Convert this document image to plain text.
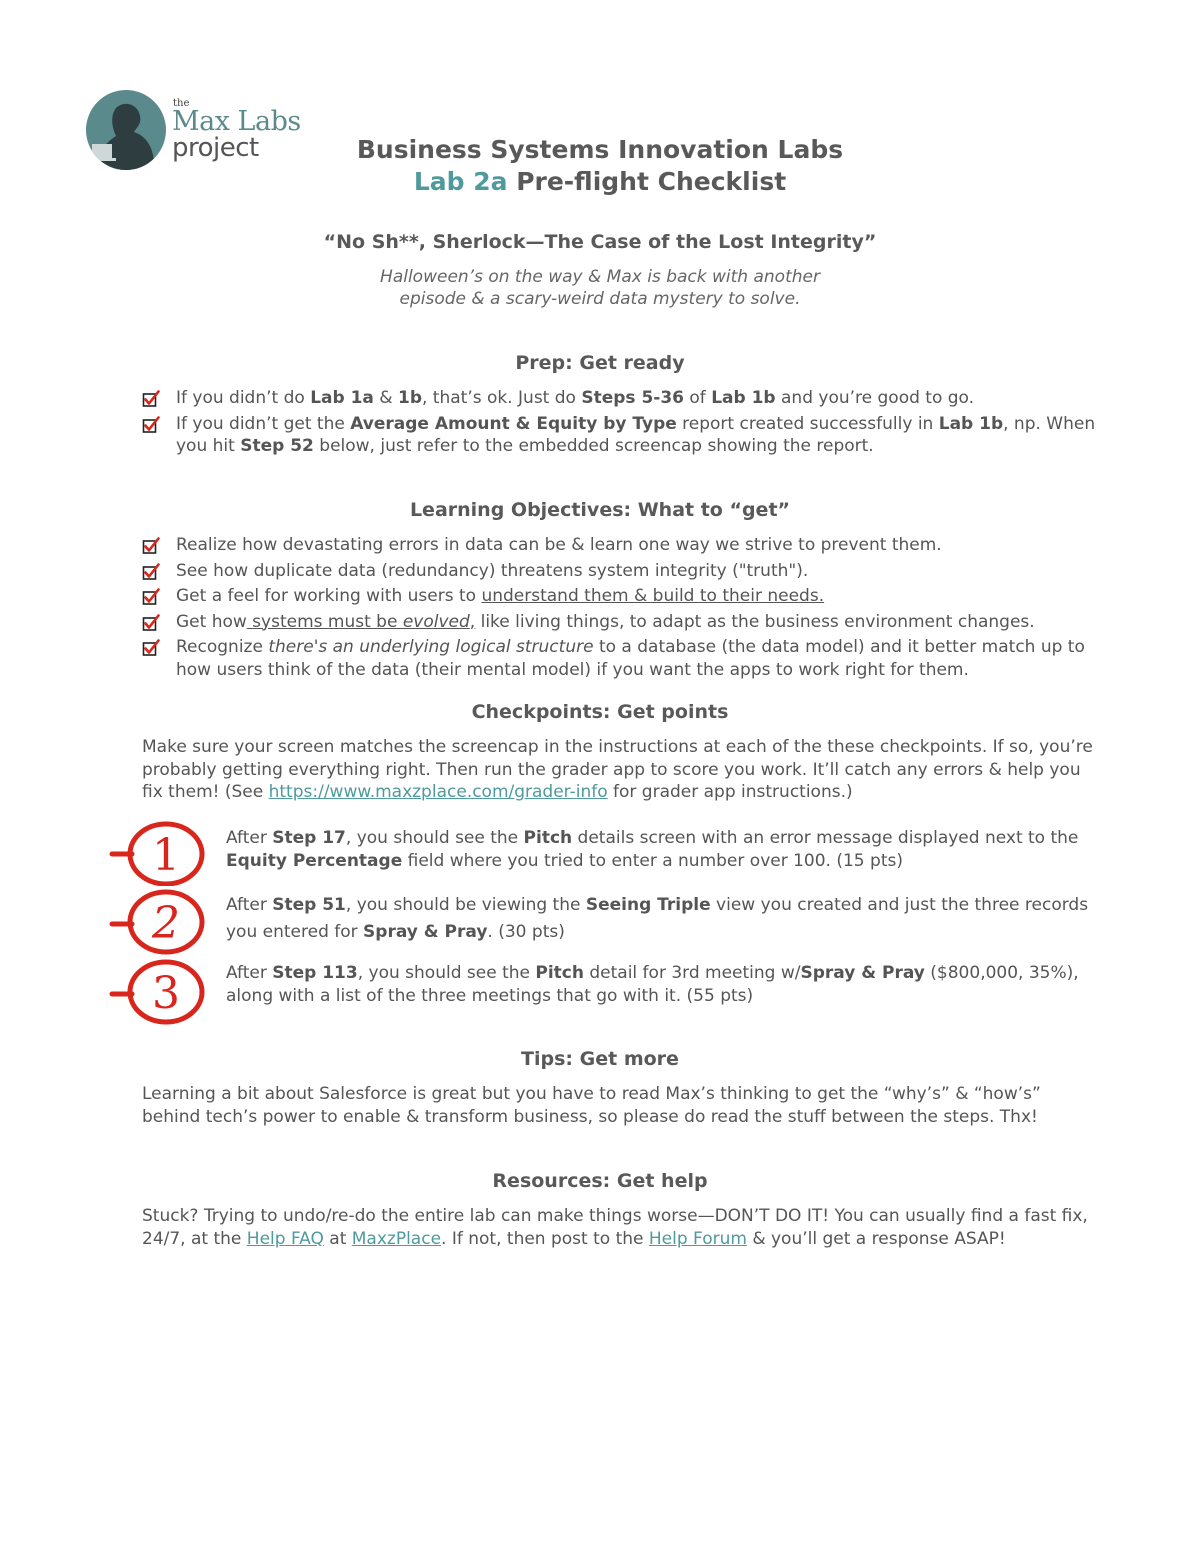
the
Max Labs
project	Business Systems Innovation Labs
Lab 2a Pre-flight Checklist
“No Sh**, Sherlock—The Case of the Lost Integrity”
Halloween’s on the way & Max is back with another
episode & a scary-weird data mystery to solve.
Prep: Get ready
If you didn’t do Lab 1a & 1b, that’s ok. Just do Steps 5-36 of Lab 1b and you’re good to go.
If you didn’t get the Average Amount & Equity by Type report created successfully in Lab 1b, np. When you hit Step 52 below, just refer to the embedded screencap showing the report.
Learning Objectives: What to “get”
Realize how devastating errors in data can be & learn one way we strive to prevent them.
See how duplicate data (redundancy) threatens system integrity ("truth").
Get a feel for working with users to understand them & build to their needs.
Get how systems must be evolved, like living things, to adapt as the business environment changes.
Recognize there's an underlying logical structure to a database (the data model) and it better match up to how users think of the data (their mental model) if you want the apps to work right for them.
Checkpoints: Get points
Make sure your screen matches the screencap in the instructions at each of the these checkpoints. If so, you’re probably getting everything right. Then run the grader app to score you work. It’ll catch any errors & help you fix them! (See https://www.maxzplace.com/grader-info for grader app instructions.)
1
2
3
After Step 17, you should see the Pitch details screen with an error message displayed next to the Equity Percentage field where you tried to enter a number over 100. (15 pts)
After Step 51, you should be viewing the Seeing Triple view you created and just the three records you entered for Spray & Pray. (30 pts)
After Step 113, you should see the Pitch detail for 3rd meeting w/Spray & Pray ($800,000, 35%), along with a list of the three meetings that go with it. (55 pts)
Tips: Get more
Learning a bit about Salesforce is great but you have to read Max’s thinking to get the “why’s” & “how’s” behind tech’s power to enable & transform business, so please do read the stuff between the steps. Thx!
Resources: Get help
Stuck? Trying to undo/re-do the entire lab can make things worse—DON’T DO IT! You can usually find a fast fix, 24/7, at the Help FAQ at MaxzPlace. If not, then post to the Help Forum & you’ll get a response ASAP!
